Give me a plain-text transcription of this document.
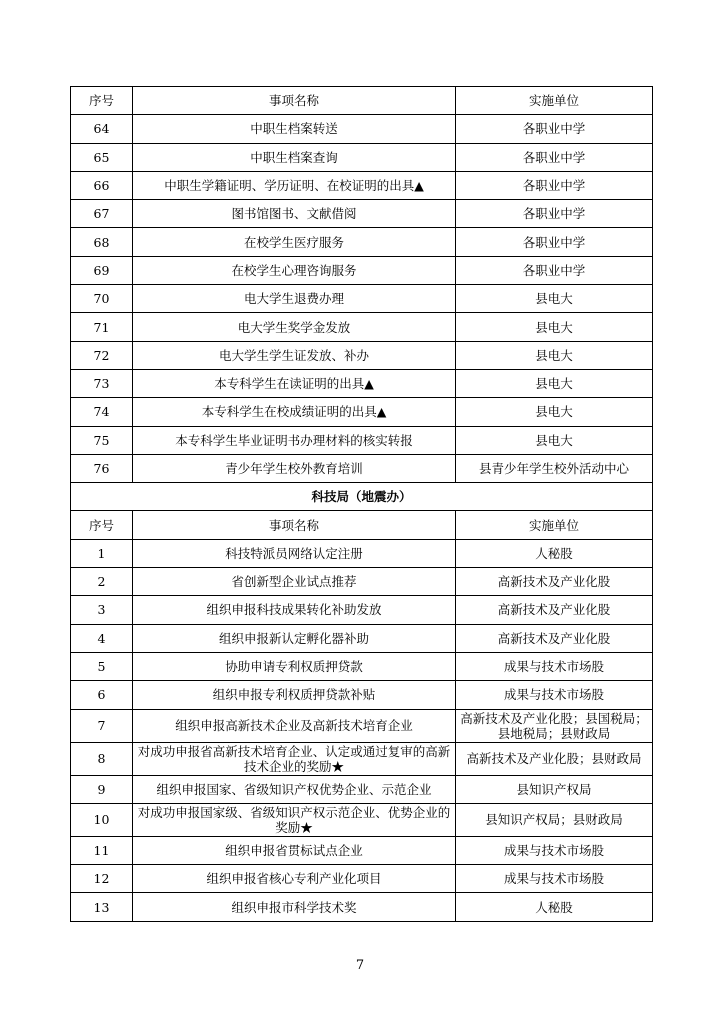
序号	事项名称	实施单位
64	中职生档案转送	各职业中学
65	中职生档案查询	各职业中学
66	中职生学籍证明、学历证明、在校证明的出具▲	各职业中学
67	图书馆图书、文献借阅	各职业中学
68	在校学生医疗服务	各职业中学
69	在校学生心理咨询服务	各职业中学
70	电大学生退费办理	县电大
71	电大学生奖学金发放	县电大
72	电大学生学生证发放、补办	县电大
73	本专科学生在读证明的出具▲	县电大
74	本专科学生在校成绩证明的出具▲	县电大
75	本专科学生毕业证明书办理材料的核实转报	县电大
76	青少年学生校外教育培训	县青少年学生校外活动中心
科技局（地震办）		
序号	事项名称	实施单位
1	科技特派员网络认定注册	人秘股
2	省创新型企业试点推荐	高新技术及产业化股
3	组织申报科技成果转化补助发放	高新技术及产业化股
4	组织申报新认定孵化器补助	高新技术及产业化股
5	协助申请专利权质押贷款	成果与技术市场股
6	组织申报专利权质押贷款补贴	成果与技术市场股
7	组织申报高新技术企业及高新技术培育企业	高新技术及产业化股；县国税局；县地税局；县财政局
8	对成功申报省高新技术培育企业、认定或通过复审的高新技术企业的奖励★	高新技术及产业化股；县财政局
9	组织申报国家、省级知识产权优势企业、示范企业	县知识产权局
10	对成功申报国家级、省级知识产权示范企业、优势企业的奖励★	县知识产权局；县财政局
11	组织申报省贯标试点企业	成果与技术市场股
12	组织申报省核心专利产业化项目	成果与技术市场股
13	组织申报市科学技术奖	人秘股
7
